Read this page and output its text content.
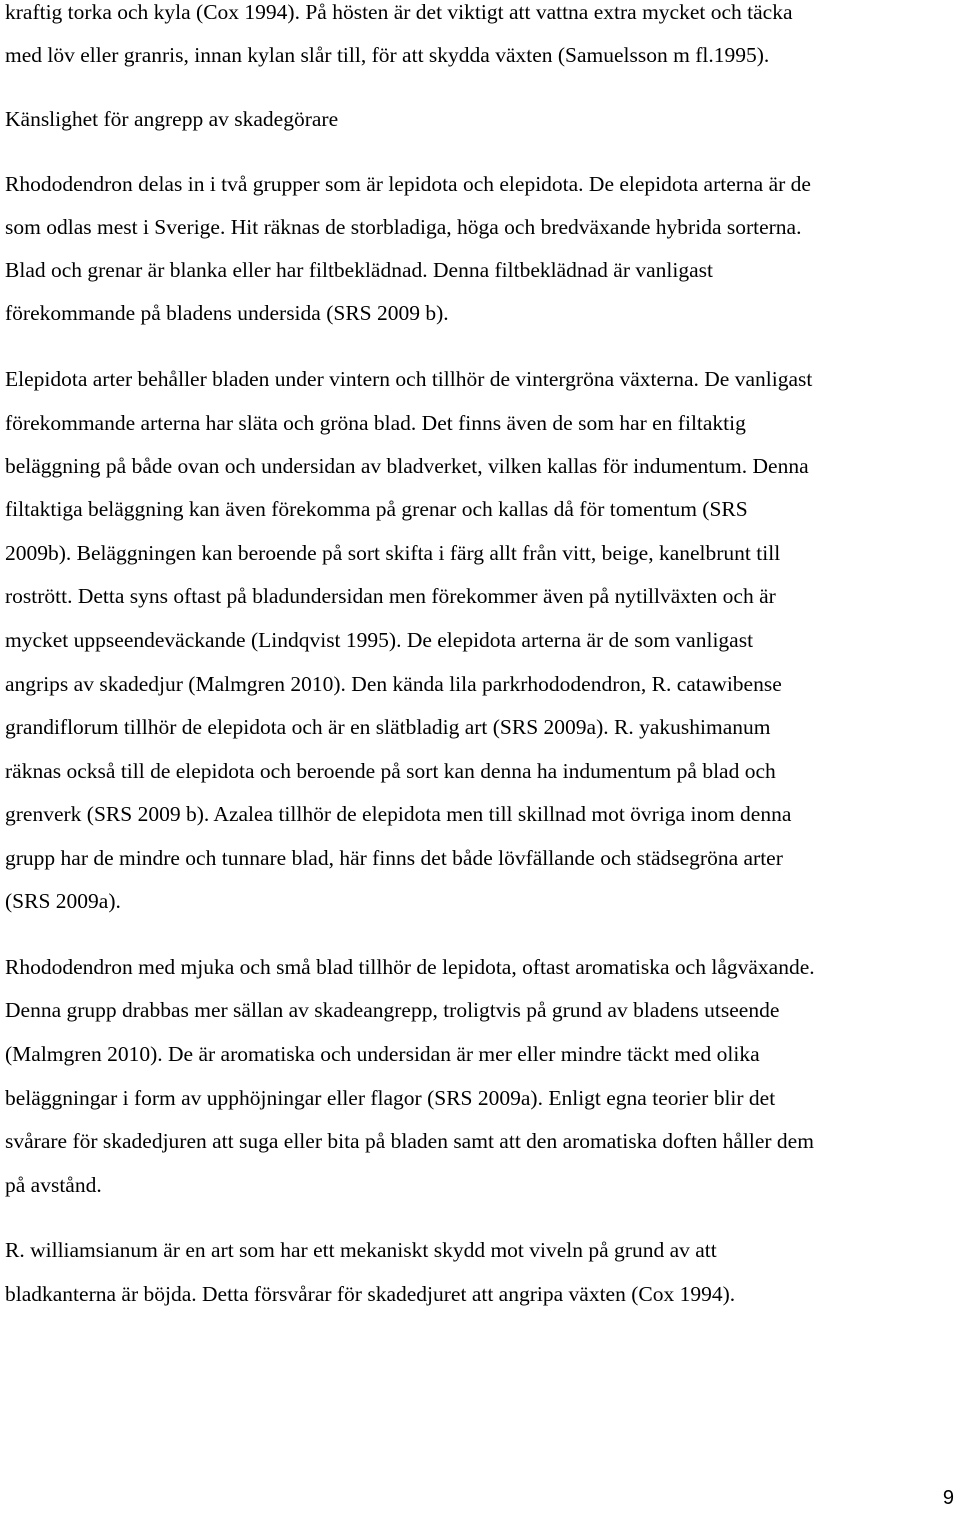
kraftig torka och kyla (Cox 1994). På hösten är det viktigt att vattna extra mycket och täcka
med löv eller granris, innan kylan slår till, för att skydda växten (Samuelsson m fl.1995).
Känslighet för angrepp av skadegörare
Rhododendron delas in i två grupper som är lepidota och elepidota. De elepidota arterna är de
som odlas mest i Sverige. Hit räknas de storbladiga, höga och bredväxande hybrida sorterna.
Blad och grenar är blanka eller har filtbeklädnad. Denna filtbeklädnad är vanligast
förekommande på bladens undersida (SRS 2009 b).
Elepidota arter behåller bladen under vintern och tillhör de vintergröna växterna. De vanligast
förekommande arterna har släta och gröna blad. Det finns även de som har en filtaktig
beläggning på både ovan och undersidan av bladverket, vilken kallas för indumentum. Denna
filtaktiga beläggning kan även förekomma på grenar och kallas då för tomentum (SRS
2009b). Beläggningen kan beroende på sort skifta i färg allt från vitt, beige, kanelbrunt till
rostrött. Detta syns oftast på bladundersidan men förekommer även på nytillväxten och är
mycket uppseendeväckande (Lindqvist 1995). De elepidota arterna är de som vanligast
angrips av skadedjur (Malmgren 2010). Den kända lila parkrhododendron, R. catawibense
grandiflorum tillhör de elepidota och är en slätbladig art (SRS 2009a). R. yakushimanum
räknas också till de elepidota och beroende på sort kan denna ha indumentum på blad och
grenverk (SRS 2009 b). Azalea tillhör de elepidota men till skillnad mot övriga inom denna
grupp har de mindre och tunnare blad, här finns det både lövfällande och städsegröna arter
(SRS 2009a).
Rhododendron med mjuka och små blad tillhör de lepidota, oftast aromatiska och lågväxande.
Denna grupp drabbas mer sällan av skadeangrepp, troligtvis på grund av bladens utseende
(Malmgren 2010). De är aromatiska och undersidan är mer eller mindre täckt med olika
beläggningar i form av upphöjningar eller flagor (SRS 2009a). Enligt egna teorier blir det
svårare för skadedjuren att suga eller bita på bladen samt att den aromatiska doften håller dem
på avstånd.
R. williamsianum är en art som har ett mekaniskt skydd mot viveln på grund av att
bladkanterna är böjda. Detta försvårar för skadedjuret att angripa växten (Cox 1994).
9
